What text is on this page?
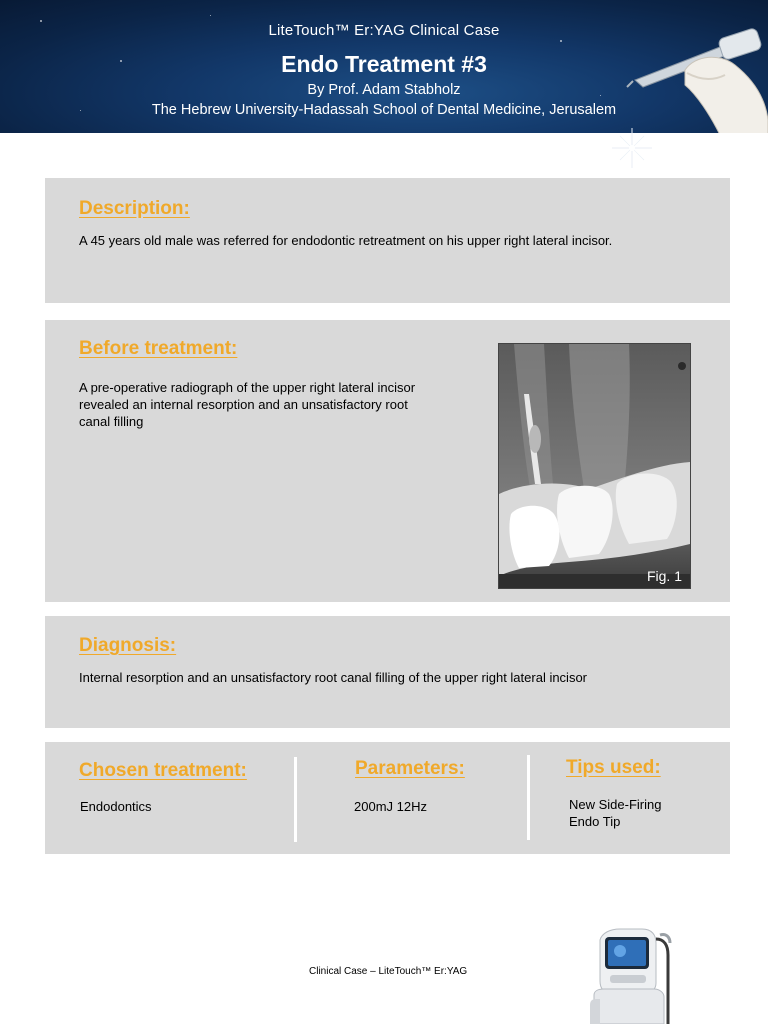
LiteTouch™ Er:YAG Clinical Case
Endo Treatment #3
By Prof. Adam Stabholz
The Hebrew University-Hadassah School of Dental Medicine, Jerusalem
Description:
A 45 years old male was referred for endodontic retreatment on his upper right lateral incisor.
Before treatment:
A pre-operative radiograph of the upper right lateral incisor
revealed an internal resorption and an unsatisfactory root
canal filling
Fig. 1
Diagnosis:
Internal resorption and an unsatisfactory root canal filling of the upper right lateral incisor
Chosen treatment:
Endodontics
Parameters:
200mJ 12Hz
Tips used:
New Side-Firing
Endo Tip
Clinical Case – LiteTouch™ Er:YAG
